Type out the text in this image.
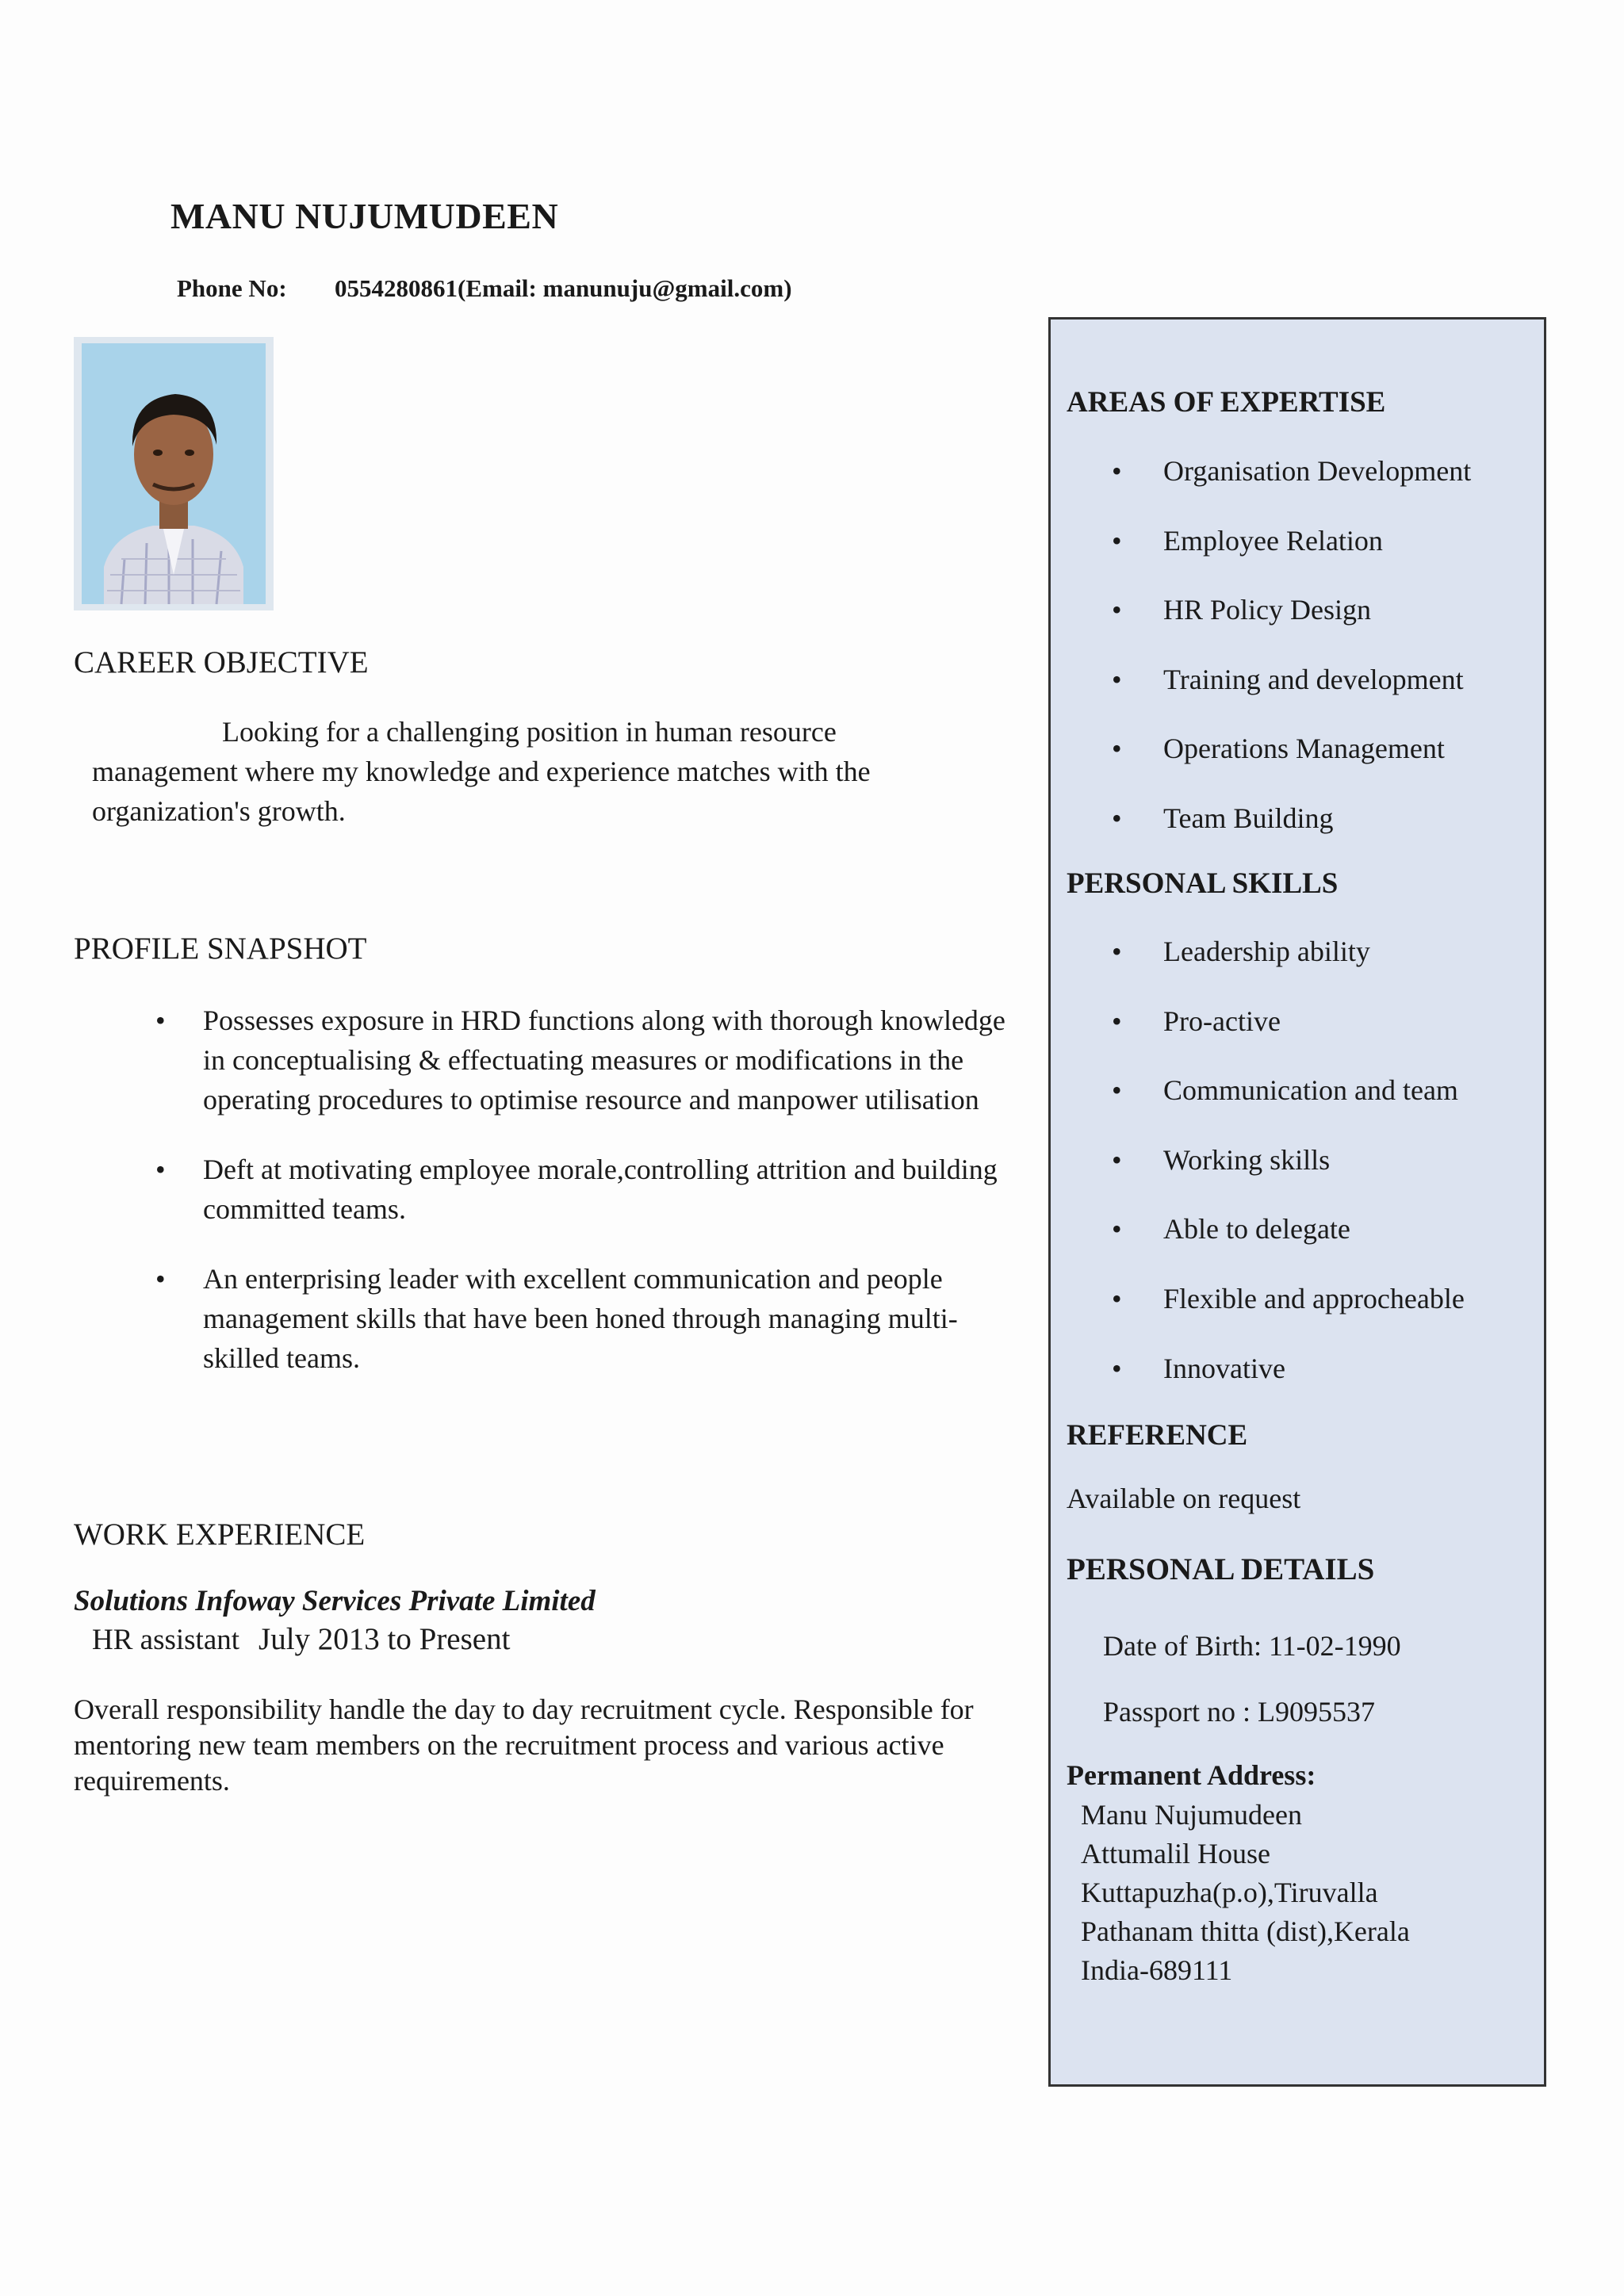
MANU NUJUMUDEEN
Phone No: 0554280861(Email: manunuju@gmail.com)
CAREER OBJECTIVE
Looking for a challenging position in human resource
management where my knowledge and experience matches with the
organization's growth.
PROFILE SNAPSHOT
• Possesses exposure in HRD functions along with thorough knowledge in conceptualising & effectuating measures or modifications in the operating procedures to optimise resource and manpower utilisation
• Deft at motivating employee morale,controlling attrition and building committed teams.
• An enterprising leader with excellent communication and people management skills that have been honed through managing multi-skilled teams.
WORK EXPERIENCE
Solutions Infoway Services Private Limited
HR assistant July 2013 to Present
Overall responsibility handle the day to day recruitment cycle. Responsible for mentoring new team members on the recruitment process and various active requirements.
AREAS OF EXPERTISE
• Organisation Development
• Employee Relation
• HR Policy Design
• Training and development
• Operations Management
• Team Building
PERSONAL SKILLS
• Leadership ability
• Pro-active
• Communication and team
• Working skills
• Able to delegate
• Flexible and approcheable
• Innovative
REFERENCE
Available on request
PERSONAL DETAILS
Date of Birth: 11-02-1990
Passport no : L9095537
Permanent Address:
Manu Nujumudeen
Attumalil House
Kuttapuzha(p.o),Tiruvalla
Pathanam thitta (dist),Kerala
India-689111
